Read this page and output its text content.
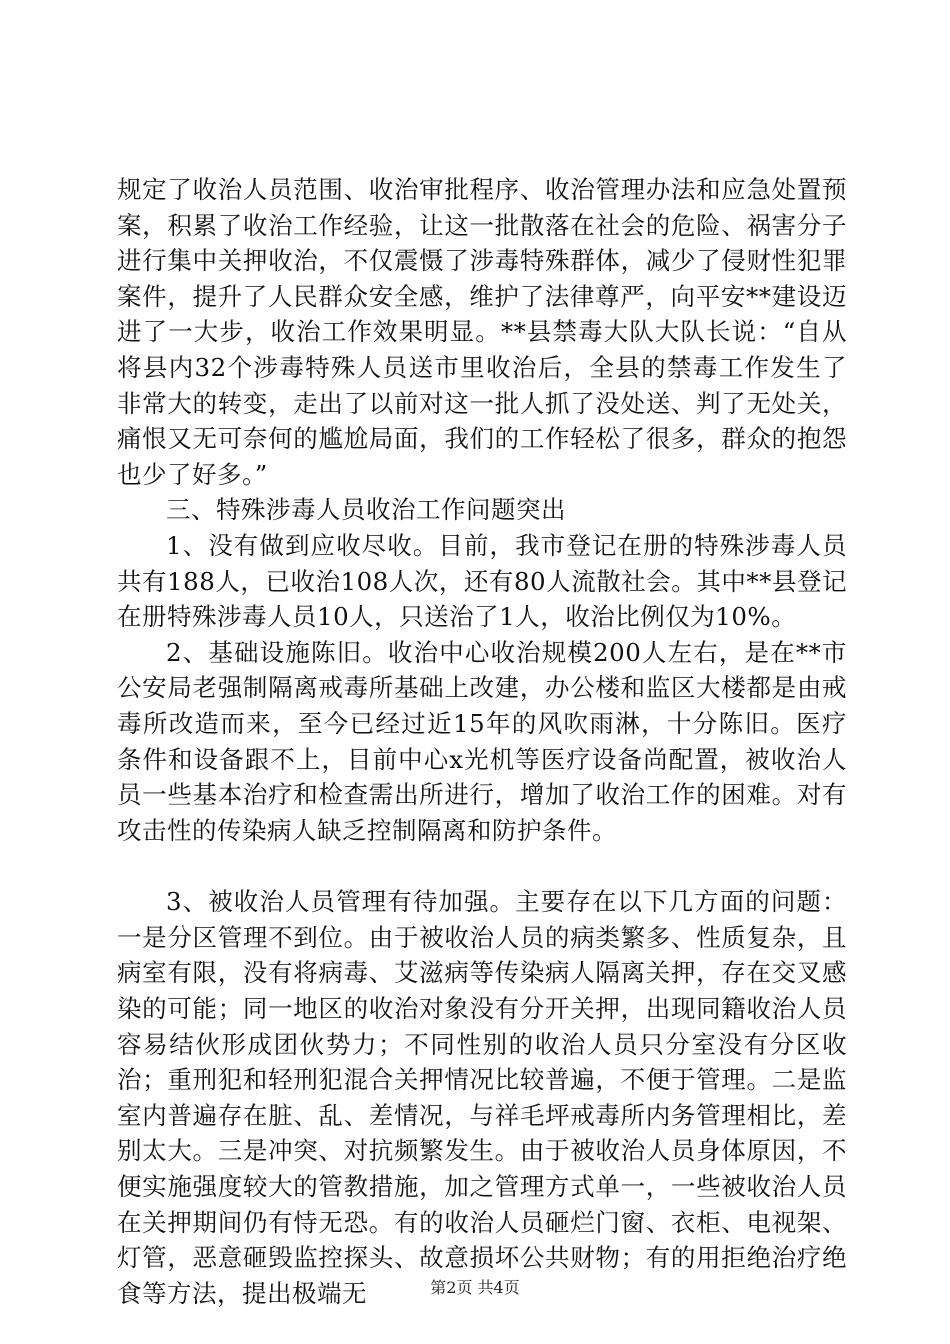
规定了收治人员范围、收治审批程序、收治管理办法和应急处置预案，积累了收治工作经验，让这一批散落在社会的危险、祸害分子进行集中关押收治，不仅震慑了涉毒特殊群体，减少了侵财性犯罪案件，提升了人民群众安全感，维护了法律尊严，向平安**建设迈进了一大步，收治工作效果明显。**县禁毒大队大队长说：“自从将县内32个涉毒特殊人员送市里收治后，全县的禁毒工作发生了非常大的转变，走出了以前对这一批人抓了没处送、判了无处关，痛恨又无可奈何的尴尬局面，我们的工作轻松了很多，群众的抱怨也少了好多。”

三、特殊涉毒人员收治工作问题突出

1、没有做到应收尽收。目前，我市登记在册的特殊涉毒人员共有188人，已收治108人次，还有80人流散社会。其中**县登记在册特殊涉毒人员10人，只送治了1人，收治比例仅为10%。

2、基础设施陈旧。收治中心收治规模200人左右，是在**市公安局老强制隔离戒毒所基础上改建，办公楼和监区大楼都是由戒毒所改造而来，至今已经过近15年的风吹雨淋，十分陈旧。医疗条件和设备跟不上，目前中心x光机等医疗设备尚配置，被收治人员一些基本治疗和检查需出所进行，增加了收治工作的困难。对有攻击性的传染病人缺乏控制隔离和防护条件。

3、被收治人员管理有待加强。主要存在以下几方面的问题：一是分区管理不到位。由于被收治人员的病类繁多、性质复杂，且病室有限，没有将病毒、艾滋病等传染病人隔离关押，存在交叉感染的可能；同一地区的收治对象没有分开关押，出现同籍收治人员容易结伙形成团伙势力；不同性别的收治人员只分室没有分区收治；重刑犯和轻刑犯混合关押情况比较普遍，不便于管理。二是监室内普遍存在脏、乱、差情况，与祥毛坪戒毒所内务管理相比，差别太大。三是冲突、对抗频繁发生。由于被收治人员身体原因，不便实施强度较大的管教措施，加之管理方式单一，一些被收治人员在关押期间仍有恃无恐。有的收治人员砸烂门窗、衣柜、电视架、灯管，恶意砸毁监控探头、故意损坏公共财物；有的用拒绝治疗绝食等方法，提出极端无	第2页 共4页
